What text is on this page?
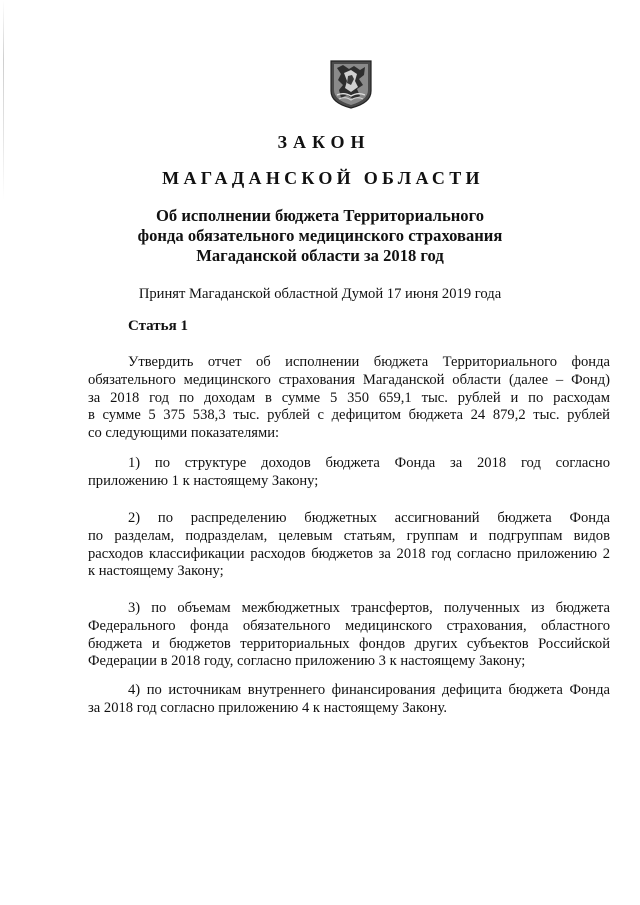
ЗАКОН
МАГАДАНСКОЙ ОБЛАСТИ
Об исполнении бюджета Территориального
фонда обязательного медицинского страхования
Магаданской области за 2018 год
Принят Магаданской областной Думой 17 июня 2019 года
Статья 1
Утвердить отчет об исполнении бюджета Территориального фонда
обязательного медицинского страхования Магаданской области (далее – Фонд)
за 2018 год по доходам в сумме 5 350 659,1 тыс. рублей и по расходам
в сумме 5 375 538,3 тыс. рублей с дефицитом бюджета 24 879,2 тыс. рублей
со следующими показателями:
1) по структуре доходов бюджета Фонда за 2018 год согласно
приложению 1 к настоящему Закону;
2) по распределению бюджетных ассигнований бюджета Фонда
по разделам, подразделам, целевым статьям, группам и подгруппам видов
расходов классификации расходов бюджетов за 2018 год согласно приложению 2
к настоящему Закону;
3) по объемам межбюджетных трансфертов, полученных из бюджета
Федерального фонда обязательного медицинского страхования, областного
бюджета и бюджетов территориальных фондов других субъектов Российской
Федерации в 2018 году, согласно приложению 3 к настоящему Закону;
4) по источникам внутреннего финансирования дефицита бюджета Фонда
за 2018 год согласно приложению 4 к настоящему Закону.
